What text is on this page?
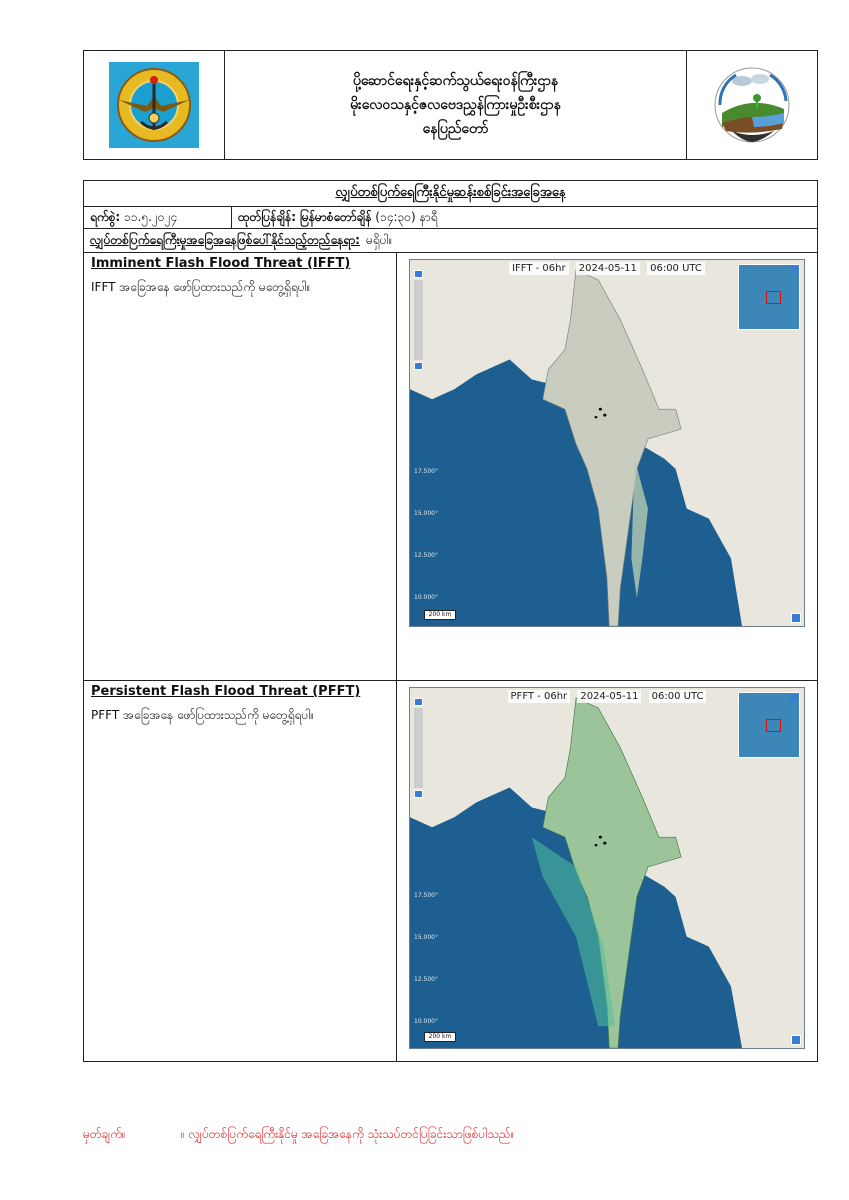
ပို့ဆောင်ရေးနှင့်ဆက်သွယ်ရေးဝန်ကြီးဌာန
မိုးလေဝသနှင့်ဇလဗေဒညွှန်ကြားမှုဦးစီးဌာန
နေပြည်တော်
လျှပ်တစ်ပြက်ရေကြီးနိုင်မှုဆန်းစစ်ခြင်းအခြေအနေ
ရက်စွဲ:
၁၁.၅.၂၀၂၄	ထုတ်ပြန်ချိန်: မြန်မာစံတော်ချိန် (၁၄:၃၀) နာရီ
လျှပ်တစ်ပြက်ရေကြီးမှုအခြေအနေဖြစ်ပေါ်နိုင်သည့်တည်နေရာ: မရှိပါ။
Imminent Flash Flood Threat (IFFT)
IFFT အခြေအနေ ဖော်ပြထားသည်ကို မတွေ့ရှိရပါ။
IFFT - 06hr 2024-05-11 06:00 UTC
17.500°
15.000°
12.500°
10.000°
200 km
Persistent Flash Flood Threat (PFFT)
PFFT အခြေအနေ ဖော်ပြထားသည်ကို မတွေ့ရှိရပါ။
PFFT - 06hr 2024-05-11 06:00 UTC
17.500°
15.000°
12.500°
10.000°
200 km
မှတ်ချက်။	။ လျှပ်တစ်ပြက်ရေကြီးနိုင်မှု အခြေအနေကို သုံးသပ်တင်ပြခြင်းသာဖြစ်ပါသည်။
